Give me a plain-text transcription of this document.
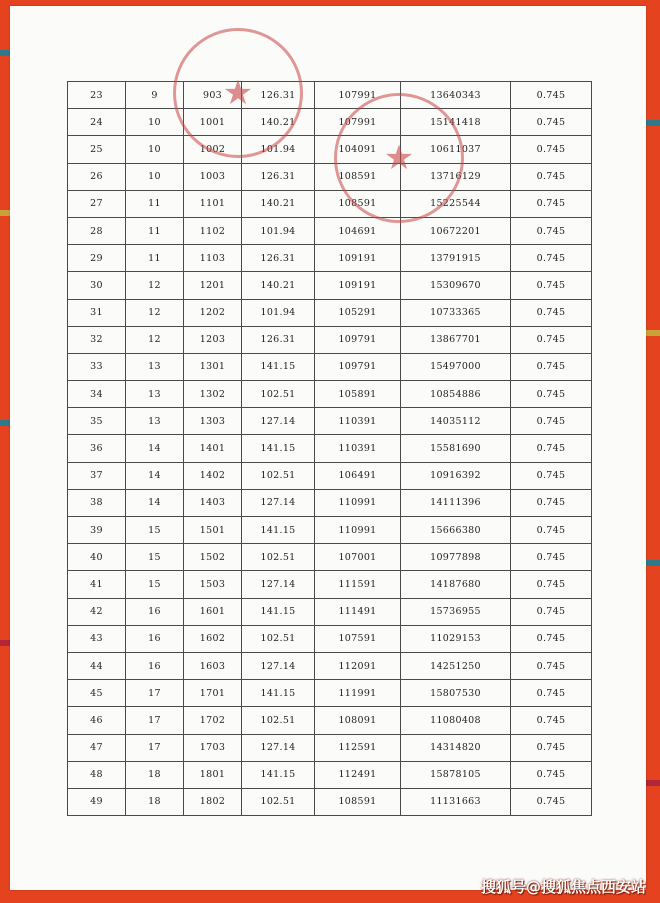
23	9	903	126.31	107991	13640343	0.745
24	10	1001	140.21	107991	15141418	0.745
25	10	1002	101.94	104091	10611037	0.745
26	10	1003	126.31	108591	13716129	0.745
27	11	1101	140.21	108591	15225544	0.745
28	11	1102	101.94	104691	10672201	0.745
29	11	1103	126.31	109191	13791915	0.745
30	12	1201	140.21	109191	15309670	0.745
31	12	1202	101.94	105291	10733365	0.745
32	12	1203	126.31	109791	13867701	0.745
33	13	1301	141.15	109791	15497000	0.745
34	13	1302	102.51	105891	10854886	0.745
35	13	1303	127.14	110391	14035112	0.745
36	14	1401	141.15	110391	15581690	0.745
37	14	1402	102.51	106491	10916392	0.745
38	14	1403	127.14	110991	14111396	0.745
39	15	1501	141.15	110991	15666380	0.745
40	15	1502	102.51	107001	10977898	0.745
41	15	1503	127.14	111591	14187680	0.745
42	16	1601	141.15	111491	15736955	0.745
43	16	1602	102.51	107591	11029153	0.745
44	16	1603	127.14	112091	14251250	0.745
45	17	1701	141.15	111991	15807530	0.745
46	17	1702	102.51	108091	11080408	0.745
47	17	1703	127.14	112591	14314820	0.745
48	18	1801	141.15	112491	15878105	0.745
49	18	1802	102.51	108591	11131663	0.745
★
★
搜狐号@搜狐焦点西安站
